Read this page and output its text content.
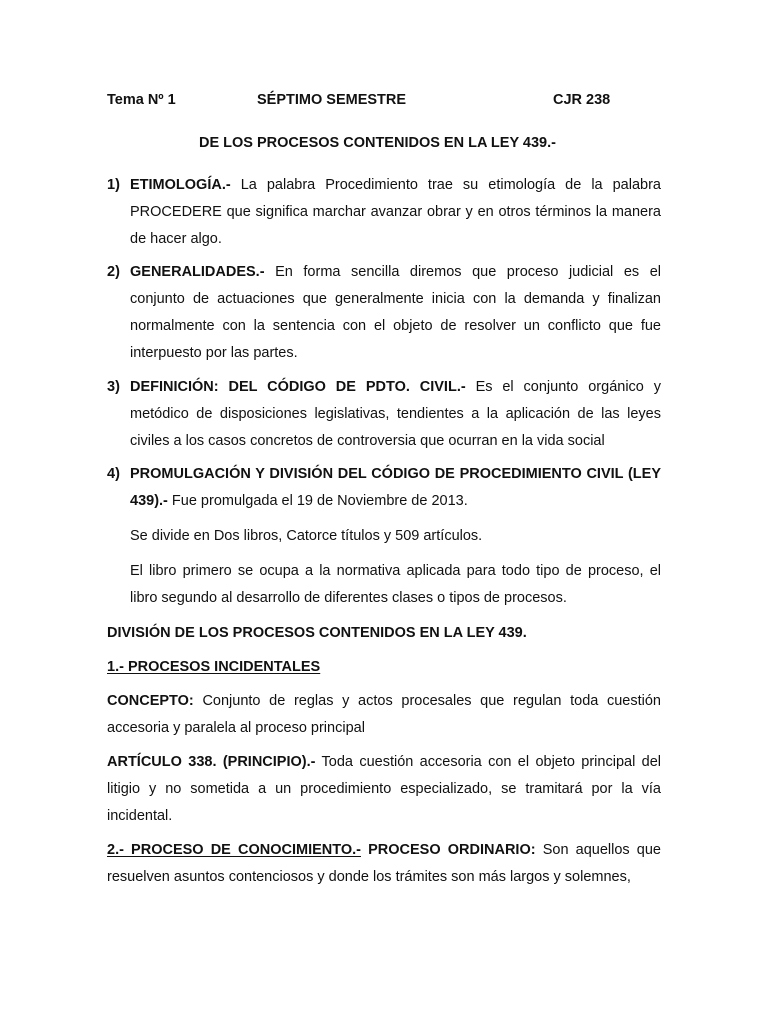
Tema Nº 1	SÉPTIMO SEMESTRE	CJR 238
DE LOS PROCESOS CONTENIDOS EN LA LEY 439.-
1) ETIMOLOGÍA.- La palabra Procedimiento trae su etimología de la palabra PROCEDERE que significa marchar avanzar obrar y en otros términos la manera de hacer algo.
2) GENERALIDADES.- En forma sencilla diremos que proceso judicial es el conjunto de actuaciones que generalmente inicia con la demanda y finalizan normalmente con la sentencia con el objeto de resolver un conflicto que fue interpuesto por las partes.
3) DEFINICIÓN: DEL CÓDIGO DE PDTO. CIVIL.- Es el conjunto orgánico y metódico de disposiciones legislativas, tendientes a la aplicación de las leyes civiles a los casos concretos de controversia que ocurran en la vida social
4) PROMULGACIÓN Y DIVISIÓN DEL CÓDIGO DE PROCEDIMIENTO CIVIL (LEY 439).- Fue promulgada el 19 de Noviembre de 2013.
Se divide en Dos libros, Catorce títulos y 509 artículos.
El libro primero se ocupa a la normativa aplicada para todo tipo de proceso, el libro segundo al desarrollo de diferentes clases o tipos de procesos.
DIVISIÓN DE LOS PROCESOS CONTENIDOS EN LA LEY 439.
1.- PROCESOS INCIDENTALES
CONCEPTO: Conjunto de reglas y actos procesales que regulan toda cuestión accesoria y paralela al proceso principal
ARTÍCULO 338. (PRINCIPIO).- Toda cuestión accesoria con el objeto principal del litigio y no sometida a un procedimiento especializado, se tramitará por la vía incidental.
2.- PROCESO DE CONOCIMIENTO.- PROCESO ORDINARIO: Son aquellos que resuelven asuntos contenciosos y donde los trámites son más largos y solemnes,
